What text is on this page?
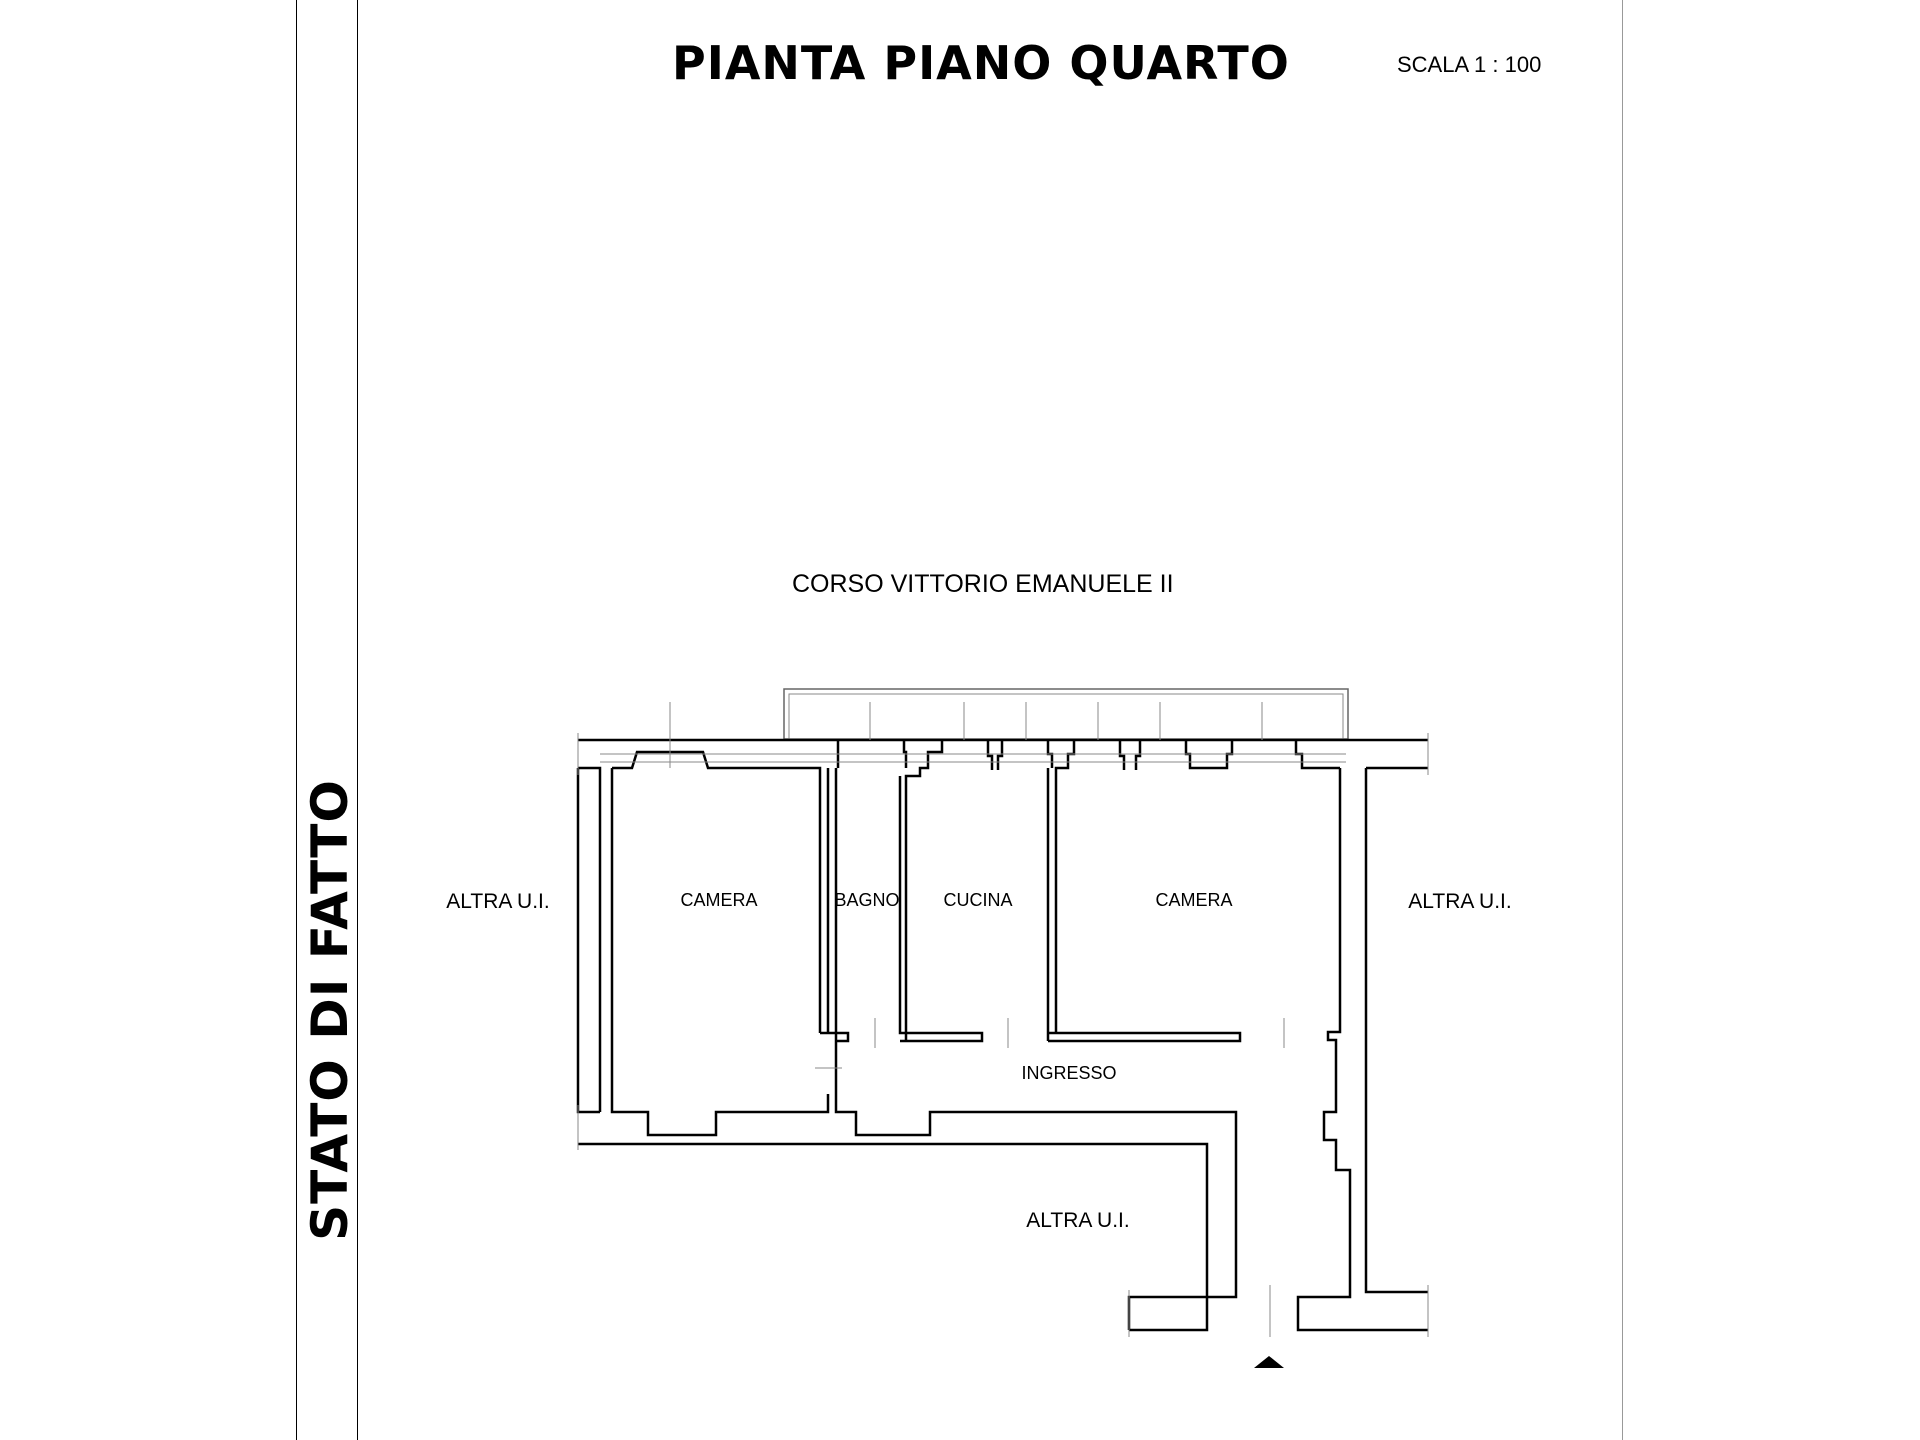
STATO DI FATTO
PIANTA PIANO QUARTO	SCALA 1 : 100
CORSO VITTORIO EMANUELE II
CAMERA	BAGNO CUCINA	CAMERA
INGRESSO
ALTRA U.I.	ALTRA U.I.
ALTRA U.I.
